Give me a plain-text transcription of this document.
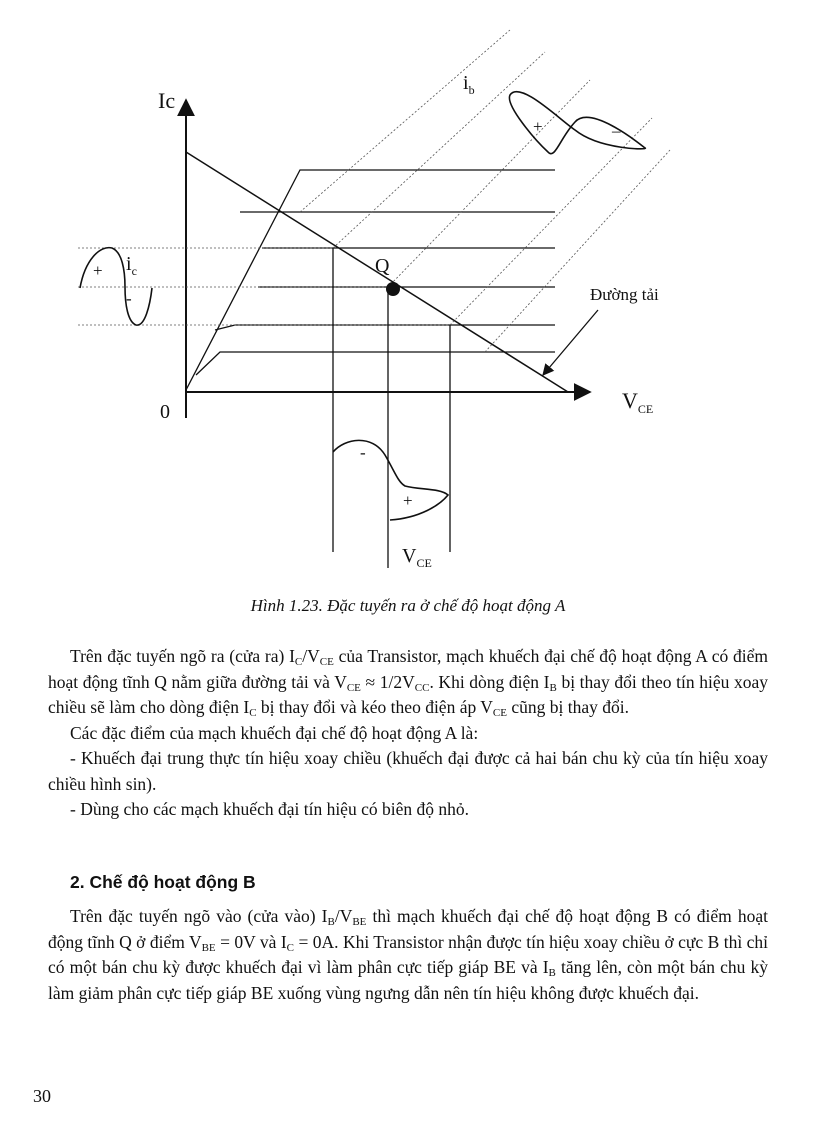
Q
+	–
$i_b$
+
-
$i_c$
-
+
$V_{CE}$
Ic
0	$V_{CE}$
Đường tải
Hình 1.23. Đặc tuyến ra ở chế độ hoạt động A

Trên đặc tuyến ngõ ra (cửa ra) $I_C/V_{CE}$ của Transistor, mạch khuếch đại chế độ hoạt động A có điểm hoạt động tĩnh Q nằm giữa đường tải và $V_{CE} \approx 1/2V_{CC}$. Khi dòng điện $I_B$ bị thay đổi theo tín hiệu xoay chiều sẽ làm cho dòng điện $I_C$ bị thay đổi và kéo theo điện áp $V_{CE}$ cũng bị thay đổi.

Các đặc điểm của mạch khuếch đại chế độ hoạt động A là:

- Khuếch đại trung thực tín hiệu xoay chiều (khuếch đại được cả hai bán chu kỳ của tín hiệu xoay chiều hình sin).

- Dùng cho các mạch khuếch đại tín hiệu có biên độ nhỏ.

2. Chế độ hoạt động B

Trên đặc tuyến ngõ vào (cửa vào) $I_B/V_{BE}$ thì mạch khuếch đại chế độ hoạt động B có điểm hoạt động tĩnh Q ở điểm $V_{BE} = 0V$ và $I_C = 0A$. Khi Transistor nhận được tín hiệu xoay chiều ở cực B thì chỉ có một bán chu kỳ được khuếch đại vì làm phân cực tiếp giáp BE và $I_B$ tăng lên, còn một bán chu kỳ làm giảm phân cực tiếp giáp BE xuống vùng ngưng dẫn nên tín hiệu không được khuếch đại.

30
